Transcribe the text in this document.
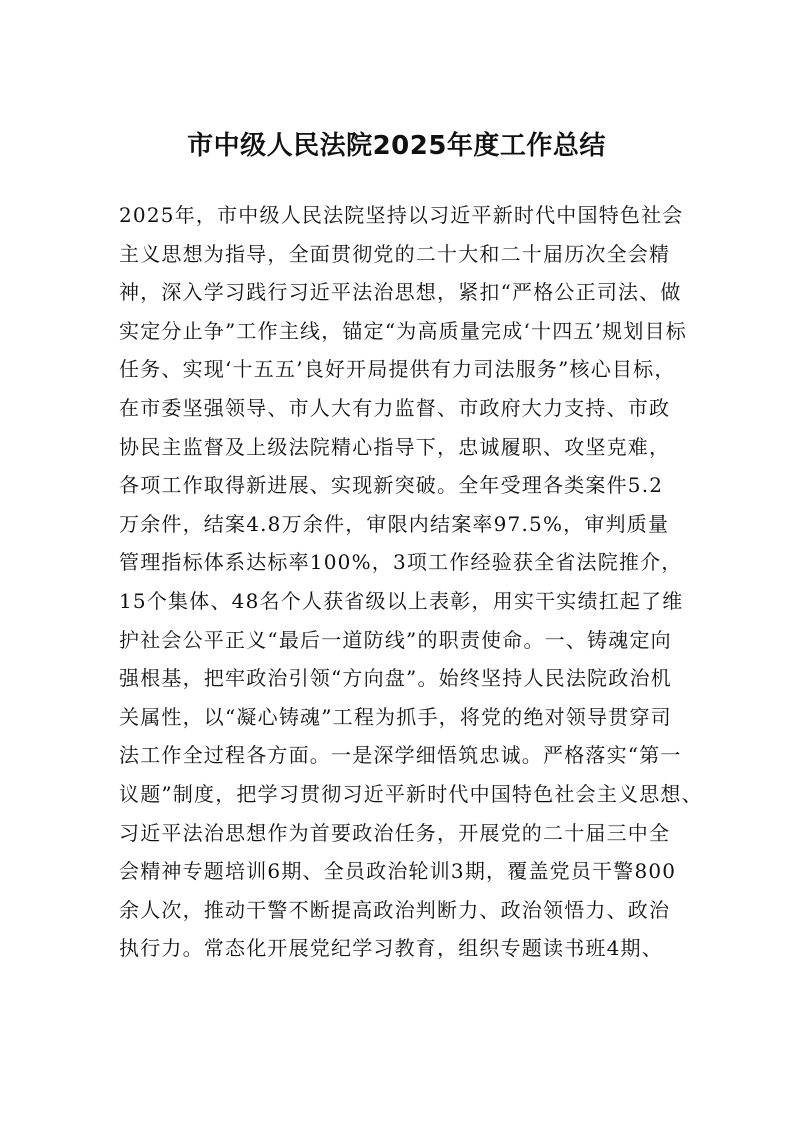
市中级人民法院2025年度工作总结
2025年，市中级人民法院坚持以习近平新时代中国特色社会
主义思想为指导，全面贯彻党的二十大和二十届历次全会精
神，深入学习践行习近平法治思想，紧扣“严格公正司法、做
实定分止争”工作主线，锚定“为高质量完成‘十四五’规划目标
任务、实现‘十五五’良好开局提供有力司法服务”核心目标，
在市委坚强领导、市人大有力监督、市政府大力支持、市政
协民主监督及上级法院精心指导下，忠诚履职、攻坚克难，
各项工作取得新进展、实现新突破。全年受理各类案件5.2
万余件，结案4.8万余件，审限内结案率97.5%，审判质量
管理指标体系达标率100%，3项工作经验获全省法院推介，
15个集体、48名个人获省级以上表彰，用实干实绩扛起了维
护社会公平正义“最后一道防线”的职责使命。一、铸魂定向
强根基，把牢政治引领“方向盘”。始终坚持人民法院政治机
关属性，以“凝心铸魂”工程为抓手，将党的绝对领导贯穿司
法工作全过程各方面。一是深学细悟筑忠诚。严格落实“第一
议题”制度，把学习贯彻习近平新时代中国特色社会主义思想、
习近平法治思想作为首要政治任务，开展党的二十届三中全
会精神专题培训6期、全员政治轮训3期，覆盖党员干警800
余人次，推动干警不断提高政治判断力、政治领悟力、政治
执行力。常态化开展党纪学习教育，组织专题读书班4期、
